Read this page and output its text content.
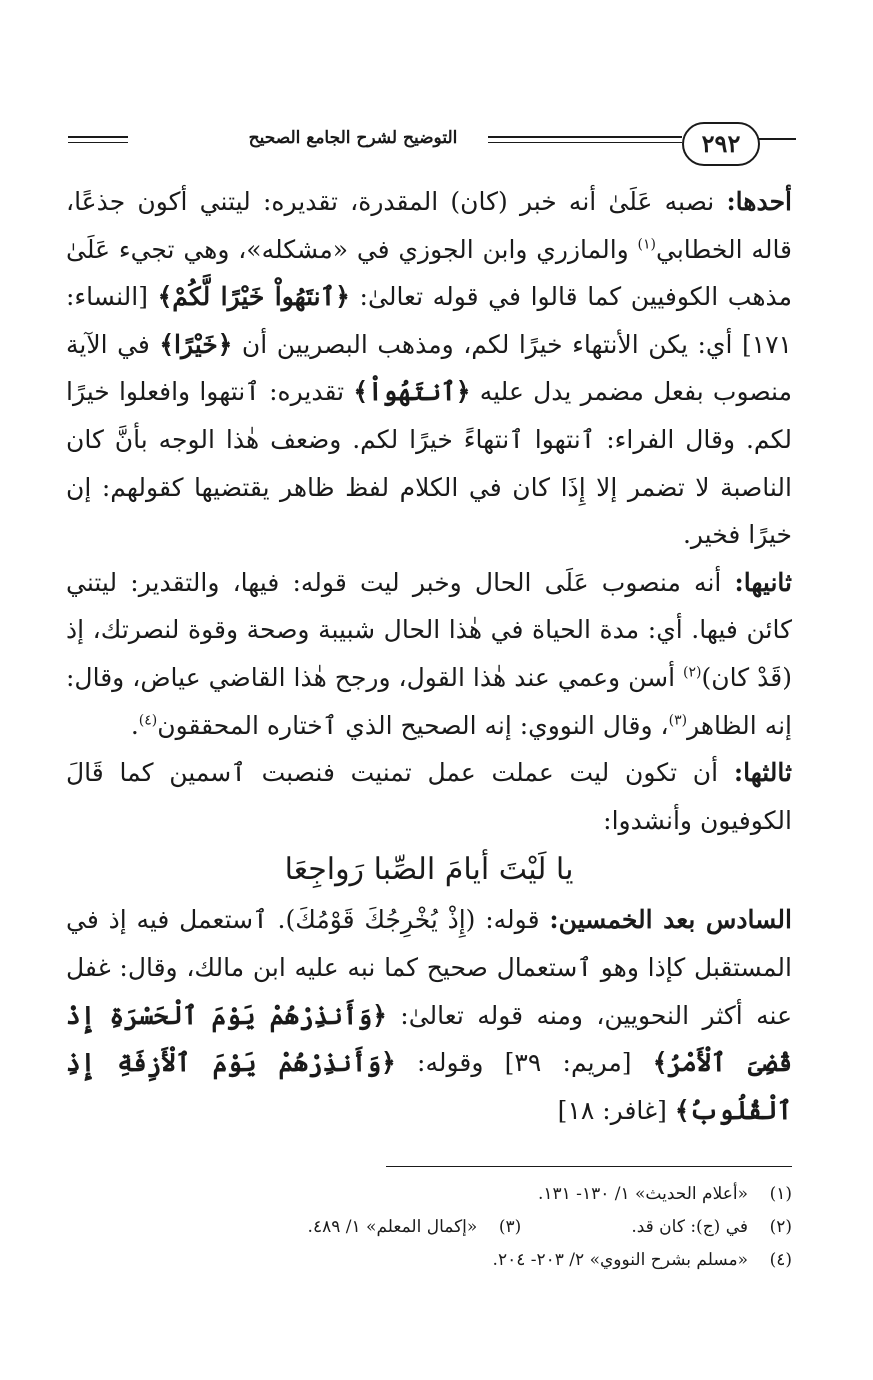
التوضيح لشرح الجامع الصحيح	٢٩٢

أحدها: نصبه عَلَىٰ أنه خبر (كان) المقدرة، تقديره: ليتني أكون جذعًا، قاله الخطابي$^{(١)}$ والمازري وابن الجوزي في «مشكله»، وهي تجيء عَلَىٰ مذهب الكوفيين كما قالوا في قوله تعالىٰ: ﴿ٱنتَهُواْ خَيْرًا لَّكُمْ﴾ [النساء: ١٧١] أي: يكن الأنتهاء خيرًا لكم، ومذهب البصريين أن ﴿خَيْرًا﴾ في الآية منصوب بفعل مضمر يدل عليه ﴿ٱنتَهُواْ﴾ تقديره: ٱنتهوا وافعلوا خيرًا لكم. وقال الفراء: ٱنتهوا ٱنتهاءً خيرًا لكم. وضعف هٰذا الوجه بأنَّ كان الناصبة لا تضمر إلا إِذَا كان في الكلام لفظ ظاهر يقتضيها كقولهم: إن خيرًا فخير.

ثانيها: أنه منصوب عَلَى الحال وخبر ليت قوله: فيها، والتقدير: ليتني كائن فيها. أي: مدة الحياة في هٰذا الحال شبيبة وصحة وقوة لنصرتك، إذ (قَدْ كان)$^{(٢)}$ أسن وعمي عند هٰذا القول، ورجح هٰذا القاضي عياض، وقال: إنه الظاهر$^{(٣)}$، وقال النووي: إنه الصحيح الذي ٱختاره المحققون$^{(٤)}$.

ثالثها: أن تكون ليت عملت عمل تمنيت فنصبت ٱسمين كما قَالَ الكوفيون وأنشدوا:

يا لَيْتَ أيامَ الصِّبا رَواجِعَا

السادس بعد الخمسين: قوله: (إِذْ يُخْرِجُكَ قَوْمُكَ). ٱستعمل فيه إذ في المستقبل كإذا وهو ٱستعمال صحيح كما نبه عليه ابن مالك، وقال: غفل عنه أكثر النحويين، ومنه قوله تعالىٰ: ﴿وَأَنذِرْهُمْ يَوْمَ ٱلْحَسْرَةِ إِذْ قُضِىَ ٱلْأَمْرُ﴾ [مريم: ٣٩] وقوله: ﴿وَأَنذِرْهُمْ يَوْمَ ٱلْأَزِفَةِ إِذِ ٱلْقُلُوبُ﴾ [غافر: ١٨]

(١)
«أعلام الحديث» ١/ ١٣٠- ١٣١.
(٢)
في (ج): كان قد.
(٣)
«إكمال المعلم» ١/ ٤٨٩.
(٤)
«مسلم بشرح النووي» ٢/ ٢٠٣- ٢٠٤.
